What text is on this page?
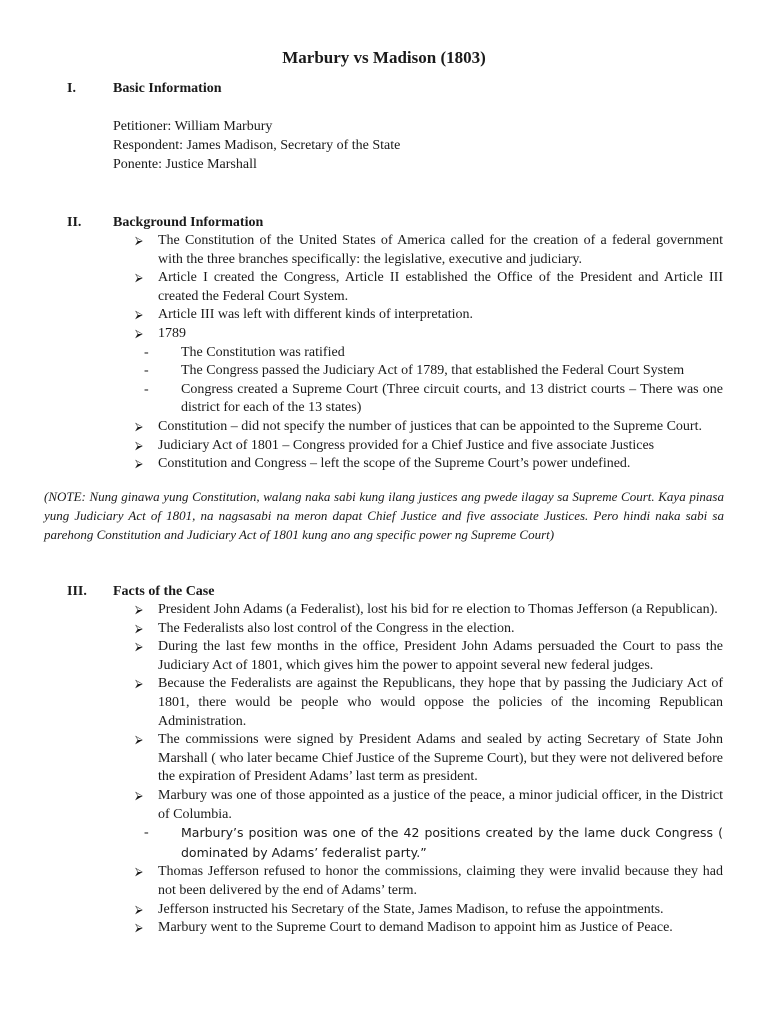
Marbury vs Madison (1803)
I.	Basic Information
Petitioner: William Marbury
Respondent: James Madison, Secretary of the State
Ponente: Justice Marshall
II. Background Information
⮚ The Constitution of the United States of America called for the creation of a federal government with the three branches specifically: the legislative, executive and judiciary.
⮚ Article I created the Congress, Article II established the Office of the President and Article III created the Federal Court System.
⮚ Article III was left with different kinds of interpretation.
⮚ 1789
- The Constitution was ratified
- The Congress passed the Judiciary Act of 1789, that established the Federal Court System
- Congress created a Supreme Court (Three circuit courts, and 13 district courts – There was one district for each of the 13 states)
⮚ Constitution – did not specify the number of justices that can be appointed to the Supreme Court.
⮚ Judiciary Act of 1801 – Congress provided for a Chief Justice and five associate Justices
⮚ Constitution and Congress – left the scope of the Supreme Court’s power undefined.

(NOTE: Nung ginawa yung Constitution, walang naka sabi kung ilang justices ang pwede ilagay sa Supreme Court. Kaya pinasa yung Judiciary Act of 1801, na nagsasabi na meron dapat Chief Justice and five associate Justices. Pero hindi naka sabi sa parehong Constitution and Judiciary Act of 1801 kung ano ang specific power ng Supreme Court)

III. Facts of the Case
⮚ President John Adams (a Federalist), lost his bid for re election to Thomas Jefferson (a Republican).
⮚ The Federalists also lost control of the Congress in the election.
⮚ During the last few months in the office, President John Adams persuaded the Court to pass the Judiciary Act of 1801, which gives him the power to appoint several new federal judges.
⮚ Because the Federalists are against the Republicans, they hope that by passing the Judiciary Act of 1801, there would be people who would oppose the policies of the incoming Republican Administration.
⮚ The commissions were signed by President Adams and sealed by acting Secretary of State John Marshall ( who later became Chief Justice of the Supreme Court), but they were not delivered before the expiration of President Adams’ last term as president.
⮚ Marbury was one of those appointed as a justice of the peace, a minor judicial officer, in the District of Columbia.
-	Marbury’s position was one of the 42 positions created by the lame duck Congress ( dominated by Adams’ federalist party.”
⮚ Thomas Jefferson refused to honor the commissions, claiming they were invalid because they had not been delivered by the end of Adams’ term.
⮚ Jefferson instructed his Secretary of the State, James Madison, to refuse the appointments.
⮚ Marbury went to the Supreme Court to demand Madison to appoint him as Justice of Peace.
